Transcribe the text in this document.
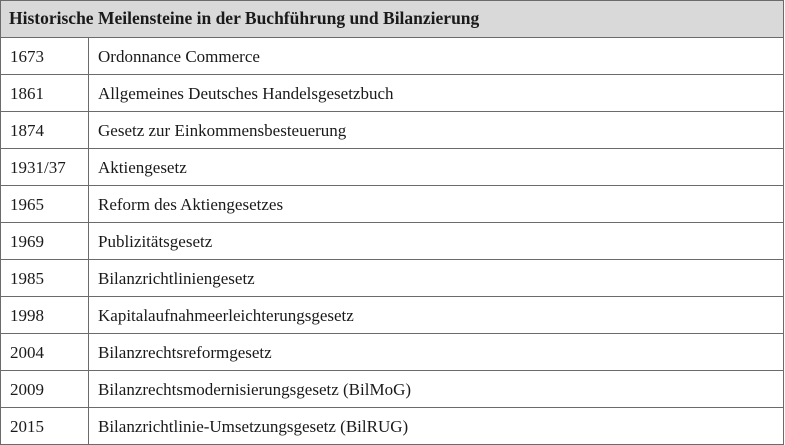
Historische Meilensteine in der Buchführung und Bilanzierung	
1673	Ordonnance Commerce
1861	Allgemeines Deutsches Handelsgesetzbuch
1874	Gesetz zur Einkommensbesteuerung
1931/37	Aktiengesetz
1965	Reform des Aktiengesetzes
1969	Publizitätsgesetz
1985	Bilanzrichtliniengesetz
1998	Kapitalaufnahmeerleichterungsgesetz
2004	Bilanzrechtsreformgesetz
2009	Bilanzrechtsmodernisierungsgesetz (BilMoG)
2015	Bilanzrichtlinie-Umsetzungsgesetz (BilRUG)
